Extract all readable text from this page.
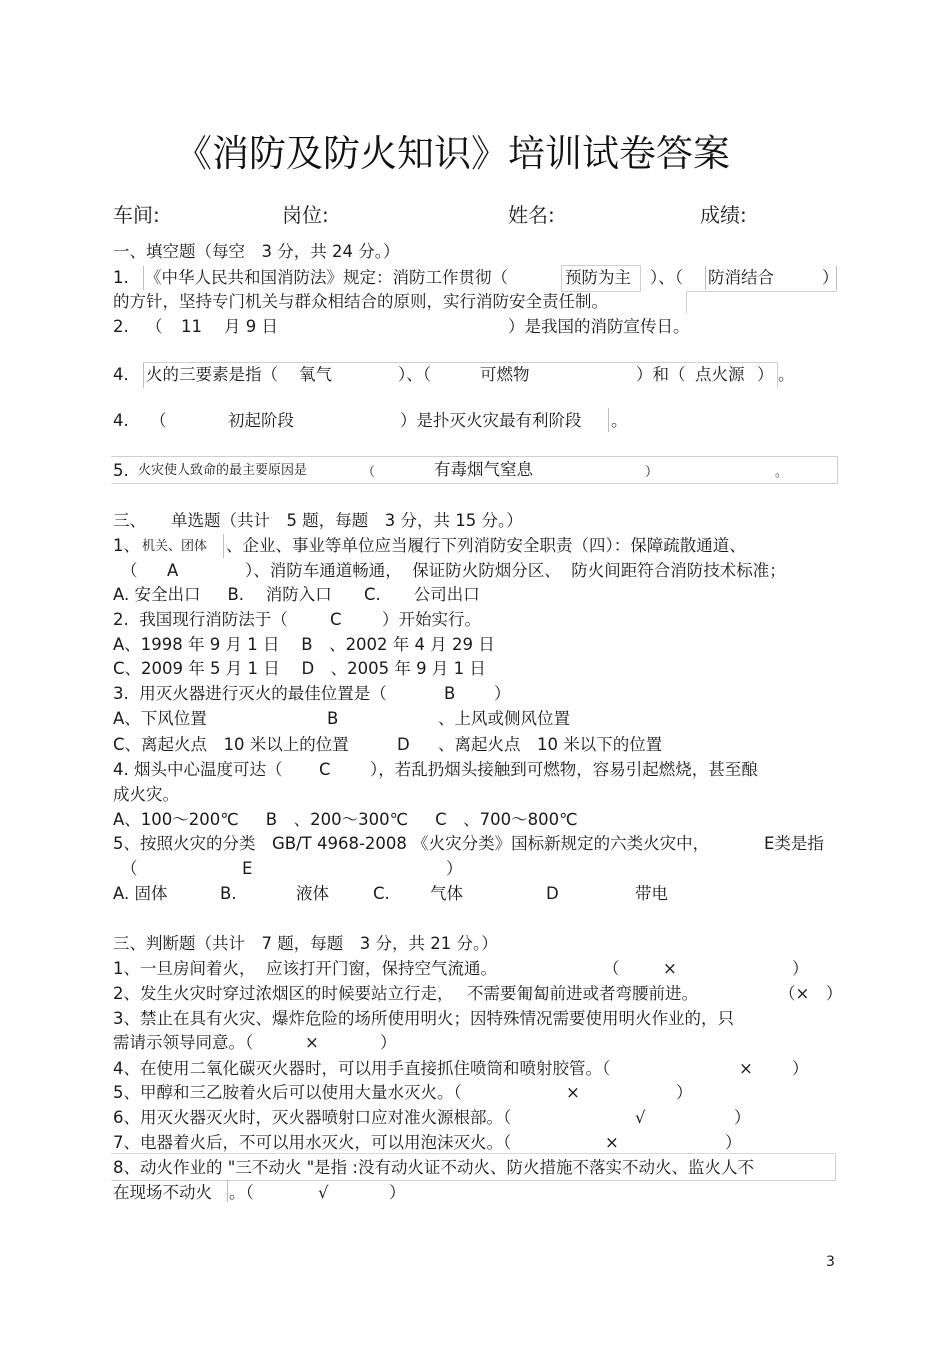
《消防及防火知识》培训试卷答案
车间:	岗位:	姓名:	成绩:
一、填空题（每空　3 分，共 24 分。）
1. 《中华人民共和国消防法》规定：消防工作贯彻（	预防为主 ）、（ 防消结合	）
的方针，坚持专门机关与群众相结合的原则，实行消防安全责任制。
2. （ 11 月 9 日	）是我国的消防宣传日。
4． 火的三要素是指（ 氧气	）、（	可燃物	）和（ 点火源 ） 。
4. （	初起阶段	）是扑灭火灾最有利阶段 。
5. 火灾使人致命的最主要原因是	（	有毒烟气窒息	）	。
三、 单选题（共计　5 题，每题　3 分，共 15 分。）
1、 机关、团体 、企业、事业等单位应当履行下列消防安全职责（四）：保障疏散通道、
（ A	）、消防车通道畅通，  保证防火防烟分区、  防火间距符合消防技术标准；
A. 安全出口　  B.　 消防入口　   C.　　公司出口
2.  我国现行消防法于（	C ）开始实行。
A、1998 年 9 月 1 日　 B　、2002 年 4 月 29 日
C、2009 年 5 月 1 日　 D　、2005 年 9 月 1 日
3.  用灭火器进行灭火的最佳位置是（	B ）
A、下风位置	B	、上风或侧风位置
C、离起火点　10 米以上的位置	D 、离起火点　10 米以下的位置
4. 烟头中心温度可达（ C ），若乱扔烟头接触到可燃物，容易引起燃烧，甚至酿
成火灾。
A、100～200℃　  B　、200～300℃　  C　、700～800℃
5、按照火灾的分类　GB/T 4968-2008 《火灾分类》国标新规定的六类火灾中，	E类是指
（	E	）
A. 固体	B.	液体	C. 气体	D	带电
三、判断题（共计　7 题，每题　3 分，共 21 分。）
1、一旦房间着火，  应该打开门窗，保持空气流通。	（	×	）
2、发生火灾时穿过浓烟区的时候要站立行走，　 不需要匍匐前进或者弯腰前进。	（×　）
3、禁止在具有火灾、爆炸危险的场所使用明火；因特殊情况需要使用明火作业的，只
需请示领导同意。（	×	）
4、在使用二氧化碳灭火器时，可以用手直接抓住喷筒和喷射胶管。（	× ）
5、甲醇和三乙胺着火后可以使用大量水灭火。（	×	）
6、用灭火器灭火时，灭火器喷射口应对准火源根部。（	√	）
7、电器着火后，不可以用水灭火，可以用泡沫灭火。（	×	）
8、动火作业的 "三不动火 "是指 :没有动火证不动火、防火措施不落实不动火、监火人不
在现场不动火 。（	√	）
3
